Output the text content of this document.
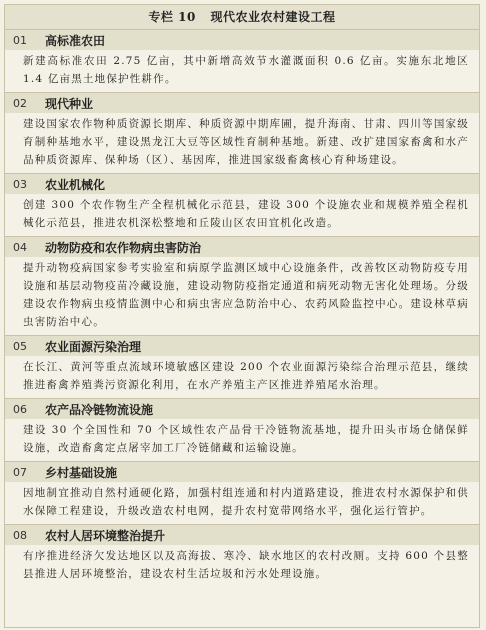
专栏 10 现代农业农村建设工程
01	高标准农田
新建高标准农田 2.75 亿亩，其中新增高效节水灌溉面积 0.6 亿亩。实施东北地区 1.4 亿亩黑土地保护性耕作。
02	现代种业
建设国家农作物种质资源长期库、种质资源中期库圃，提升海南、甘肃、四川等国家级育制种基地水平，建设黑龙江大豆等区域性育制种基地。新建、改扩建国家畜禽和水产品种质资源库、保种场（区）、基因库，推进国家级畜禽核心育种场建设。
03	农业机械化
创建 300 个农作物生产全程机械化示范县，建设 300 个设施农业和规模养殖全程机械化示范县，推进农机深松整地和丘陵山区农田宜机化改造。
04	动物防疫和农作物病虫害防治
提升动物疫病国家参考实验室和病原学监测区域中心设施条件，改善牧区动物防疫专用设施和基层动物疫苗冷藏设施，建设动物防疫指定通道和病死动物无害化处理场。分级建设农作物病虫疫情监测中心和病虫害应急防治中心、农药风险监控中心。建设林草病虫害防治中心。
05	农业面源污染治理
在长江、黄河等重点流域环境敏感区建设 200 个农业面源污染综合治理示范县，继续推进畜禽养殖粪污资源化利用，在水产养殖主产区推进养殖尾水治理。
06	农产品冷链物流设施
建设 30 个全国性和 70 个区域性农产品骨干冷链物流基地，提升田头市场仓储保鲜设施，改造畜禽定点屠宰加工厂冷链储藏和运输设施。
07	乡村基础设施
因地制宜推动自然村通硬化路，加强村组连通和村内道路建设，推进农村水源保护和供水保障工程建设，升级改造农村电网，提升农村宽带网络水平，强化运行管护。
08	农村人居环境整治提升
有序推进经济欠发达地区以及高海拔、寒冷、缺水地区的农村改厕。支持 600 个县整县推进人居环境整治，建设农村生活垃圾和污水处理设施。
